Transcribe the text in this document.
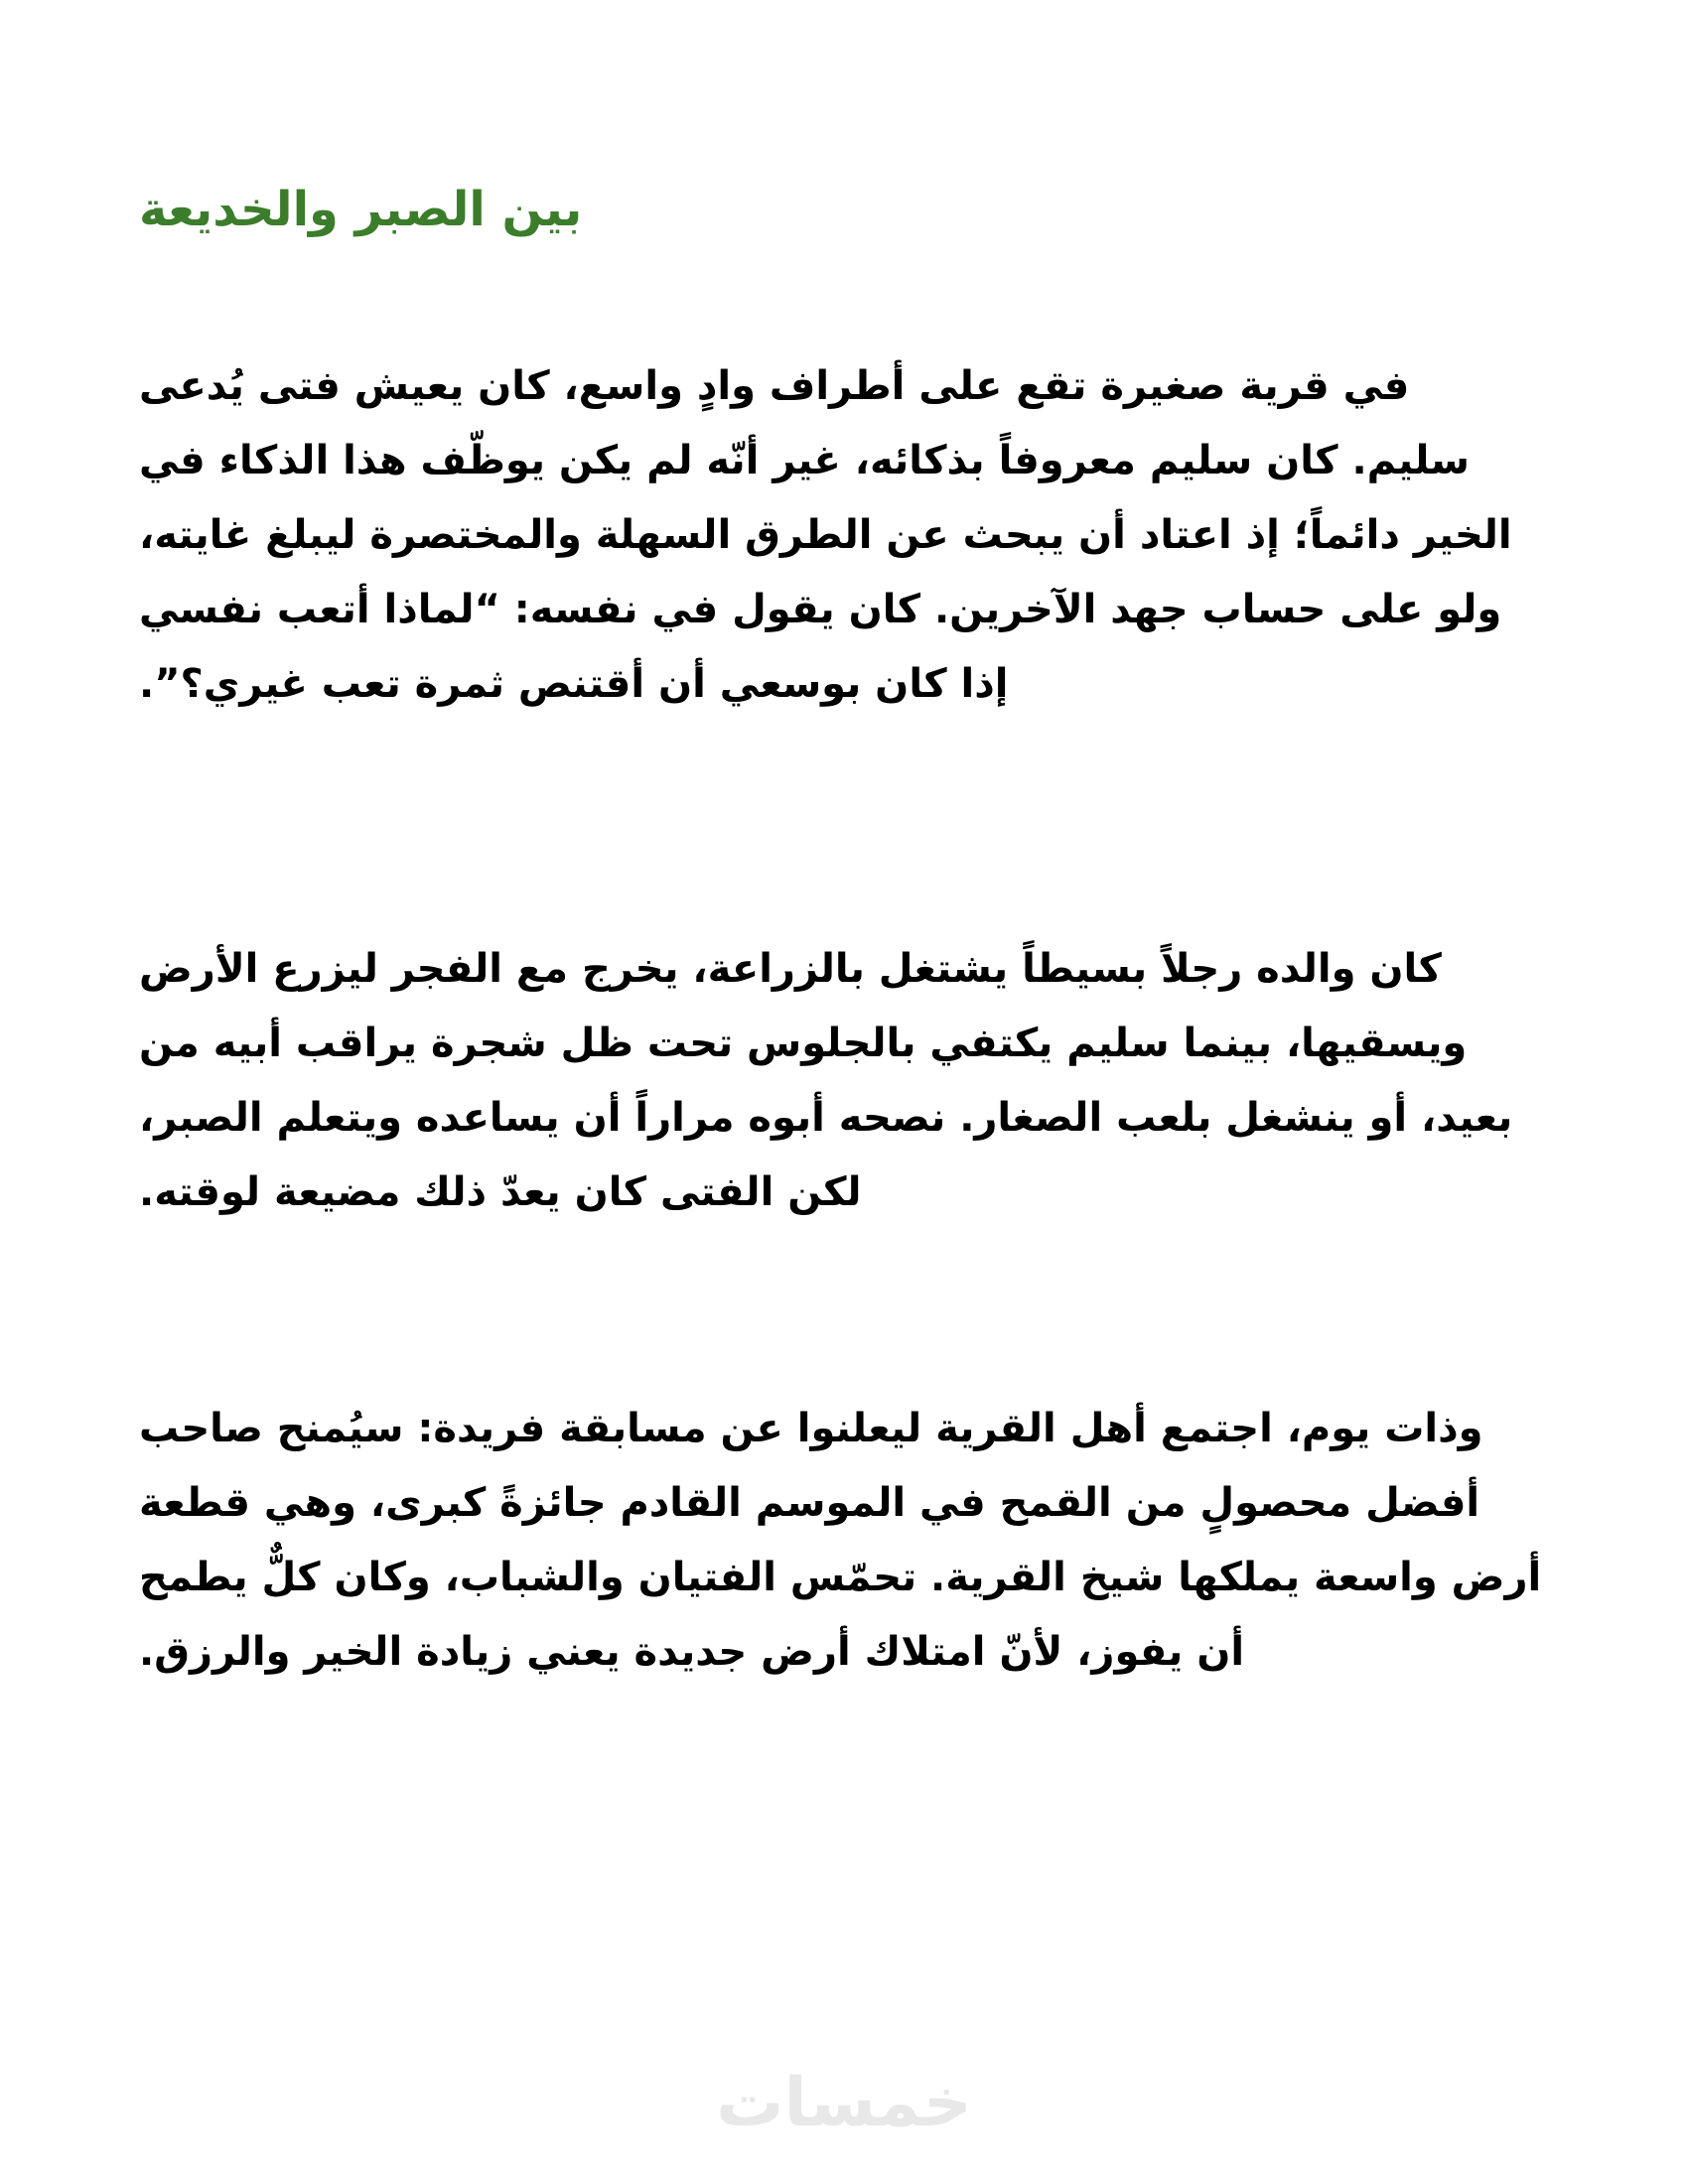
بين الصبر والخديعة

في قرية صغيرة تقع على أطراف وادٍ واسع، كان يعيش فتى يُدعى سليم. كان سليم معروفاً بذكائه، غير أنّه لم يكن يوظّف هذا الذكاء في الخير دائماً؛ إذ اعتاد أن يبحث عن الطرق السهلة والمختصرة ليبلغ غايته، ولو على حساب جهد الآخرين. كان يقول في نفسه: “لماذا أتعب نفسي إذا كان بوسعي أن أقتنص ثمرة تعب غيري؟”.

كان والده رجلاً بسيطاً يشتغل بالزراعة، يخرج مع الفجر ليزرع الأرض ويسقيها، بينما سليم يكتفي بالجلوس تحت ظل شجرة يراقب أبيه من بعيد، أو ينشغل بلعب الصغار. نصحه أبوه مراراً أن يساعده ويتعلم الصبر، لكن الفتى كان يعدّ ذلك مضيعة لوقته.

وذات يوم، اجتمع أهل القرية ليعلنوا عن مسابقة فريدة: سيُمنح صاحب أفضل محصولٍ من القمح في الموسم القادم جائزةً كبرى، وهي قطعة أرض واسعة يملكها شيخ القرية. تحمّس الفتيان والشباب، وكان كلٌّ يطمح أن يفوز، لأنّ امتلاك أرض جديدة يعني زيادة الخير والرزق.

خمسات
